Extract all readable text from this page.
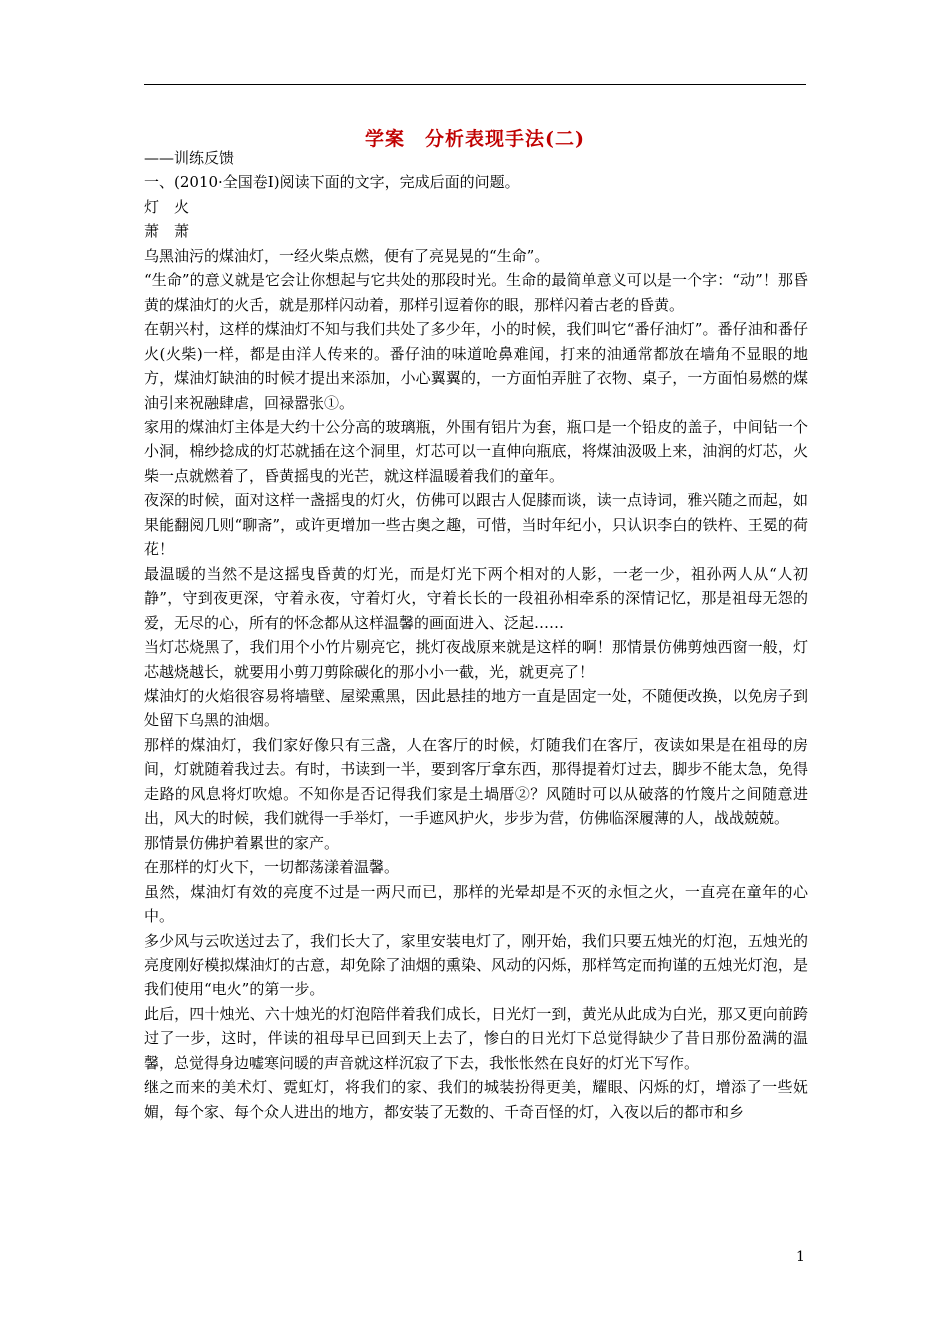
学案　分析表现手法(二)

——训练反馈

一、(2010·全国卷Ⅰ)阅读下面的文字，完成后面的问题。

灯　火

萧　萧

乌黑油污的煤油灯，一经火柴点燃，便有了亮晃晃的“生命”。

“生命”的意义就是它会让你想起与它共处的那段时光。生命的最简单意义可以是一个字：“动”！那昏黄的煤油灯的火舌，就是那样闪动着，那样引逗着你的眼，那样闪着古老的昏黄。

在朝兴村，这样的煤油灯不知与我们共处了多少年，小的时候，我们叫它“番仔油灯”。番仔油和番仔火(火柴)一样，都是由洋人传来的。番仔油的味道呛鼻难闻，打来的油通常都放在墙角不显眼的地方，煤油灯缺油的时候才提出来添加，小心翼翼的，一方面怕弄脏了衣物、桌子，一方面怕易燃的煤油引来祝融肆虐，回禄嚣张①。

家用的煤油灯主体是大约十公分高的玻璃瓶，外围有铝片为套，瓶口是一个铅皮的盖子，中间钻一个小洞，棉纱捻成的灯芯就插在这个洞里，灯芯可以一直伸向瓶底，将煤油汲吸上来，油润的灯芯，火柴一点就燃着了，昏黄摇曳的光芒，就这样温暖着我们的童年。

夜深的时候，面对这样一盏摇曳的灯火，仿佛可以跟古人促膝而谈，读一点诗词，雅兴随之而起，如果能翻阅几则“聊斋”，或许更增加一些古奥之趣，可惜，当时年纪小，只认识李白的铁杵、王冕的荷花！

最温暖的当然不是这摇曳昏黄的灯光，而是灯光下两个相对的人影，一老一少，祖孙两人从“人初静”，守到夜更深，守着永夜，守着灯火，守着长长的一段祖孙相牵系的深情记忆，那是祖母无怨的爱，无尽的心，所有的怀念都从这样温馨的画面进入、泛起……

当灯芯烧黑了，我们用个小竹片剔亮它，挑灯夜战原来就是这样的啊！那情景仿佛剪烛西窗一般，灯芯越烧越长，就要用小剪刀剪除碳化的那小小一截，光，就更亮了！

煤油灯的火焰很容易将墙壁、屋梁熏黑，因此悬挂的地方一直是固定一处，不随便改换，以免房子到处留下乌黑的油烟。

那样的煤油灯，我们家好像只有三盏，人在客厅的时候，灯随我们在客厅，夜读如果是在祖母的房间，灯就随着我过去。有时，书读到一半，要到客厅拿东西，那得提着灯过去，脚步不能太急，免得走路的风息将灯吹熄。不知你是否记得我们家是土堝厝②？风随时可以从破落的竹篾片之间随意进出，风大的时候，我们就得一手举灯，一手遮风护火，步步为营，仿佛临深履薄的人，战战兢兢。

那情景仿佛护着累世的家产。

在那样的灯火下，一切都荡漾着温馨。

虽然，煤油灯有效的亮度不过是一两尺而已，那样的光晕却是不灭的永恒之火，一直亮在童年的心中。

多少风与云吹送过去了，我们长大了，家里安装电灯了，刚开始，我们只要五烛光的灯泡，五烛光的亮度刚好模拟煤油灯的古意，却免除了油烟的熏染、风动的闪烁，那样笃定而拘谨的五烛光灯泡，是我们使用“电火”的第一步。

此后，四十烛光、六十烛光的灯泡陪伴着我们成长，日光灯一到，黄光从此成为白光，那又更向前跨过了一步，这时，伴读的祖母早已回到天上去了，惨白的日光灯下总觉得缺少了昔日那份盈满的温馨，总觉得身边嘘寒问暖的声音就这样沉寂了下去，我怅怅然在良好的灯光下写作。

继之而来的美术灯、霓虹灯，将我们的家、我们的城装扮得更美，耀眼、闪烁的灯，增添了一些妩媚，每个家、每个众人进出的地方，都安装了无数的、千奇百怪的灯，入夜以后的都市和乡

1
